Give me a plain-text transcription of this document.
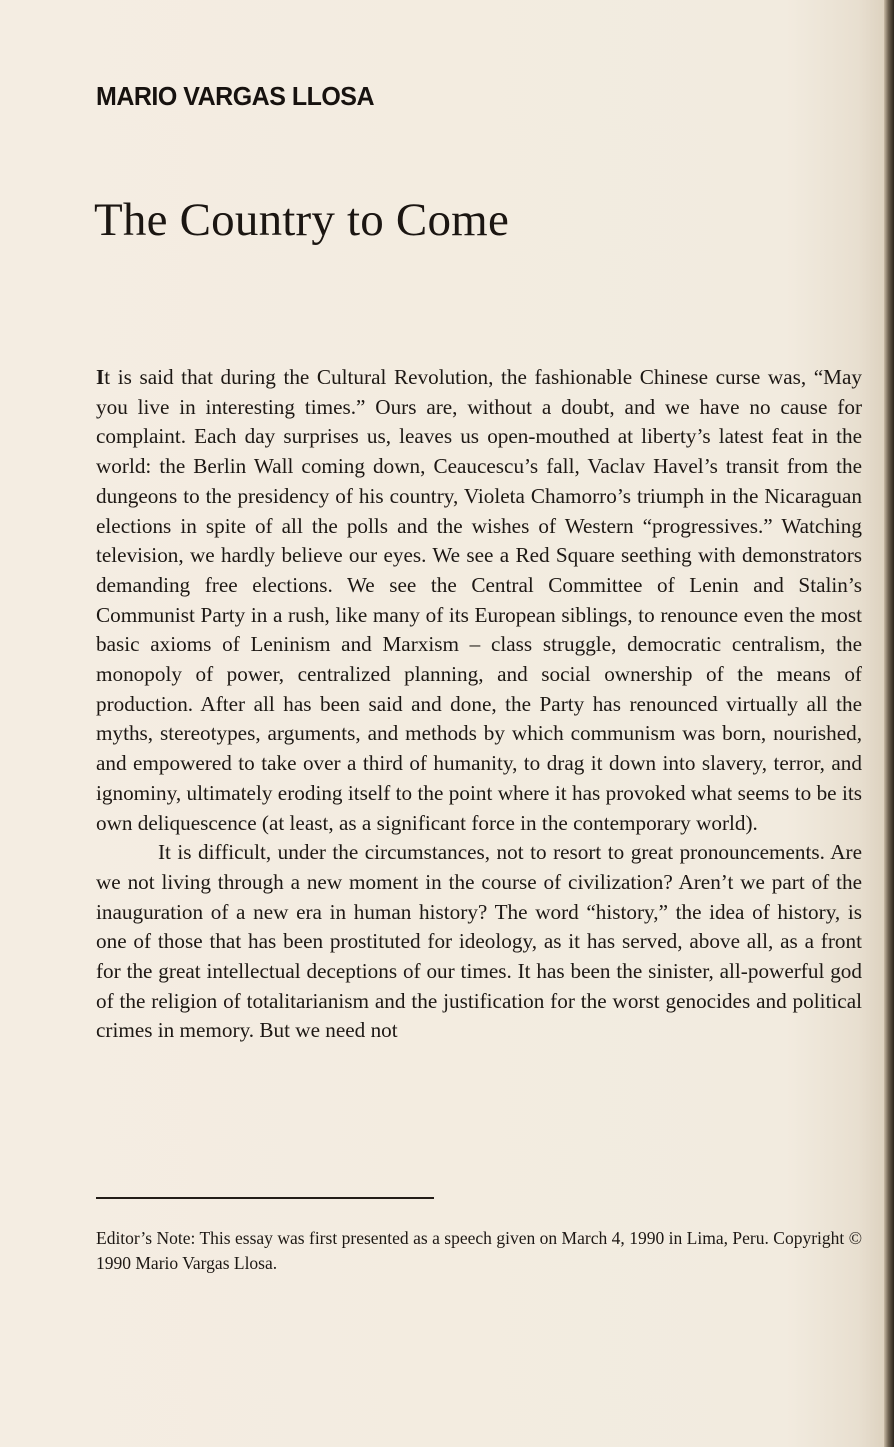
MARIO VARGAS LLOSA
The Country to Come

It is said that during the Cultural Revolution, the fashionable Chinese curse was, “May you live in interesting times.” Ours are, without a doubt, and we have no cause for complaint. Each day surprises us, leaves us open-mouthed at liberty’s latest feat in the world: the Berlin Wall coming down, Ceaucescu’s fall, Vaclav Havel’s transit from the dungeons to the presidency of his country, Violeta Chamorro’s triumph in the Nicaraguan elections in spite of all the polls and the wishes of Western “progressives.” Watching television, we hardly believe our eyes. We see a Red Square seething with demonstrators demanding free elections. We see the Central Committee of Lenin and Stalin’s Communist Party in a rush, like many of its European siblings, to renounce even the most basic axioms of Leninism and Marxism – class struggle, democratic centralism, the monopoly of power, centralized planning, and social ownership of the means of production. After all has been said and done, the Party has renounced virtually all the myths, stereotypes, arguments, and methods by which communism was born, nourished, and empowered to take over a third of humanity, to drag it down into slavery, terror, and ignominy, ultimately eroding itself to the point where it has provoked what seems to be its own deliquescence (at least, as a significant force in the contemporary world).

It is difficult, under the circumstances, not to resort to great pronouncements. Are we not living through a new moment in the course of civilization? Aren’t we part of the inauguration of a new era in human history? The word “history,” the idea of history, is one of those that has been prostituted for ideology, as it has served, above all, as a front for the great intellectual deceptions of our times. It has been the sinister, all-powerful god of the religion of totalitarianism and the justification for the worst genocides and political crimes in memory. But we need not

Editor’s Note: This essay was first presented as a speech given on March 4, 1990 in Lima, Peru. Copyright © 1990 Mario Vargas Llosa.
